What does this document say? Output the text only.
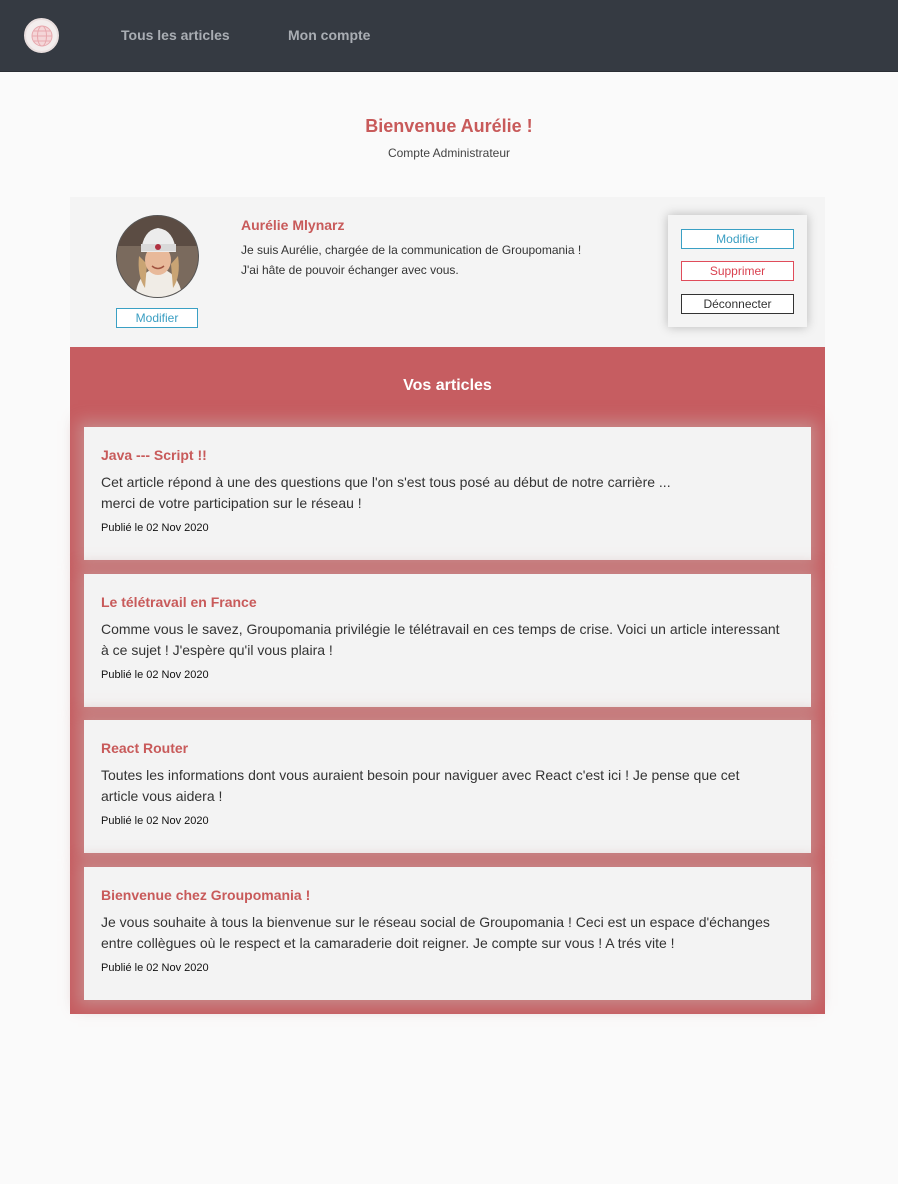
Tous les articles	Mon compte
Bienvenue Aurélie !
Compte Administrateur
Modifier
Aurélie Mlynarz
Je suis Aurélie, chargée de la communication de Groupomania !
J'ai hâte de pouvoir échanger avec vous.
Modifier
Supprimer
Déconnecter
Vos articles
Java --- Script !!
Cet article répond à une des questions que l'on s'est tous posé au début de notre carrière ...
merci de votre participation sur le réseau !
Publié le 02 Nov 2020
Le télétravail en France
Comme vous le savez, Groupomania privilégie le télétravail en ces temps de crise. Voici un article interessant
à ce sujet ! J'espère qu'il vous plaira !
Publié le 02 Nov 2020
React Router
Toutes les informations dont vous auraient besoin pour naviguer avec React c'est ici ! Je pense que cet
article vous aidera !
Publié le 02 Nov 2020
Bienvenue chez Groupomania !
Je vous souhaite à tous la bienvenue sur le réseau social de Groupomania ! Ceci est un espace d'échanges
entre collègues où le respect et la camaraderie doit reigner. Je compte sur vous ! A trés vite !
Publié le 02 Nov 2020
